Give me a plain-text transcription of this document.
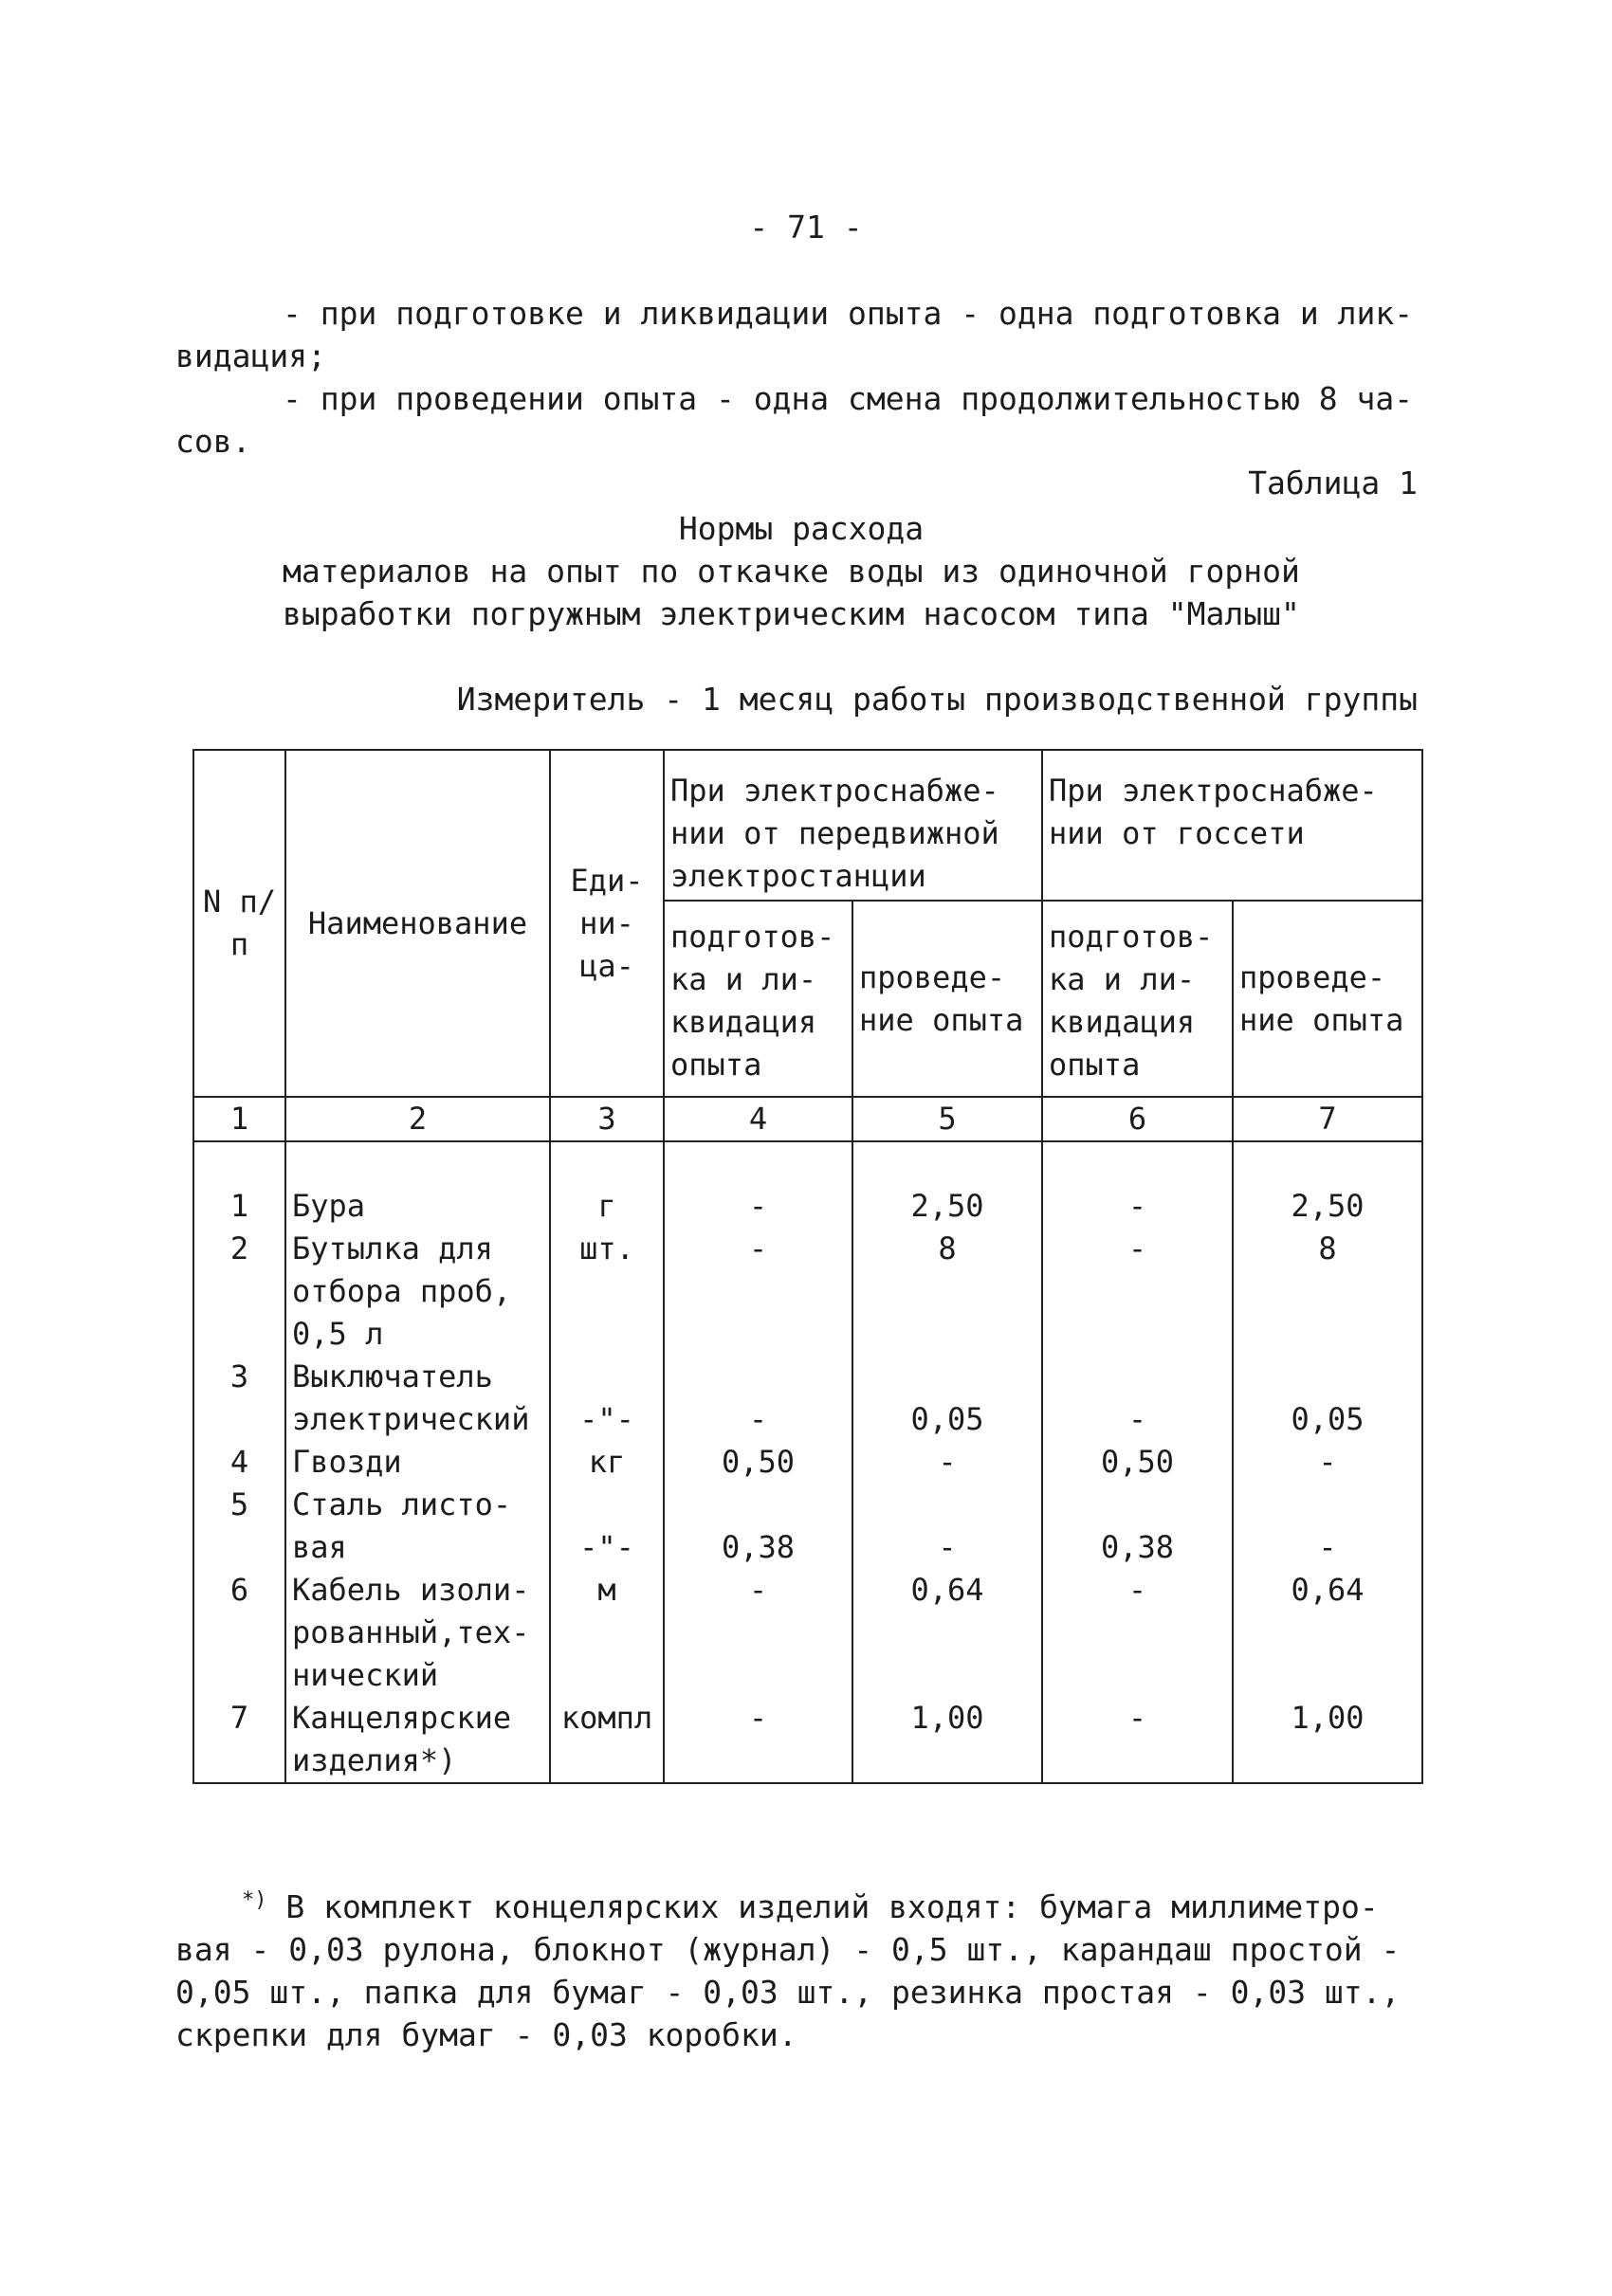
- 71 -
- при подготовке и ликвидации опыта - одна подготовка и лик-
видация;
- при проведении опыта - одна смена продолжительностью 8 ча-
сов.
Таблица 1
Нормы расхода
материалов на опыт по откачке воды из одиночной горной
выработки погружным электрическим насосом типа "Малыш"
Измеритель - 1 месяц работы производственной группы
N п/п	Наименование	Еди- ни- ца-	При электроснабже- нии от передвижной электростанции		При электроснабже- нии от госсети	
			подготов- ка и ли- квидация опыта	проведе- ние опыта	подготов- ка и ли- квидация опыта	проведе- ние опыта
1	2	3	4	5	6	7
1	Бура	г	-	2,50	-	2,50
2	Бутылка для отбора проб, 0,5 л	шт.	-	8	-	8
3	Выключатель электрический	-"-	-	0,05	-	0,05
4	Гвозди	кг	0,50	-	0,50	-
5	Сталь листо- вая	-"-	0,38	-	0,38	-
6	Кабель изоли- рованный,тех- нический	м	-	0,64	-	0,64
7	Канцелярские изделия*)	компл	-	1,00	-	1,00
*) В комплект концелярских изделий входят: бумага миллиметро- вая - 0,03 рулона, блокнот (журнал) - 0,5 шт., карандаш простой - 0,05 шт., папка для бумаг - 0,03 шт., резинка простая - 0,03 шт., скрепки для бумаг - 0,03 коробки.
